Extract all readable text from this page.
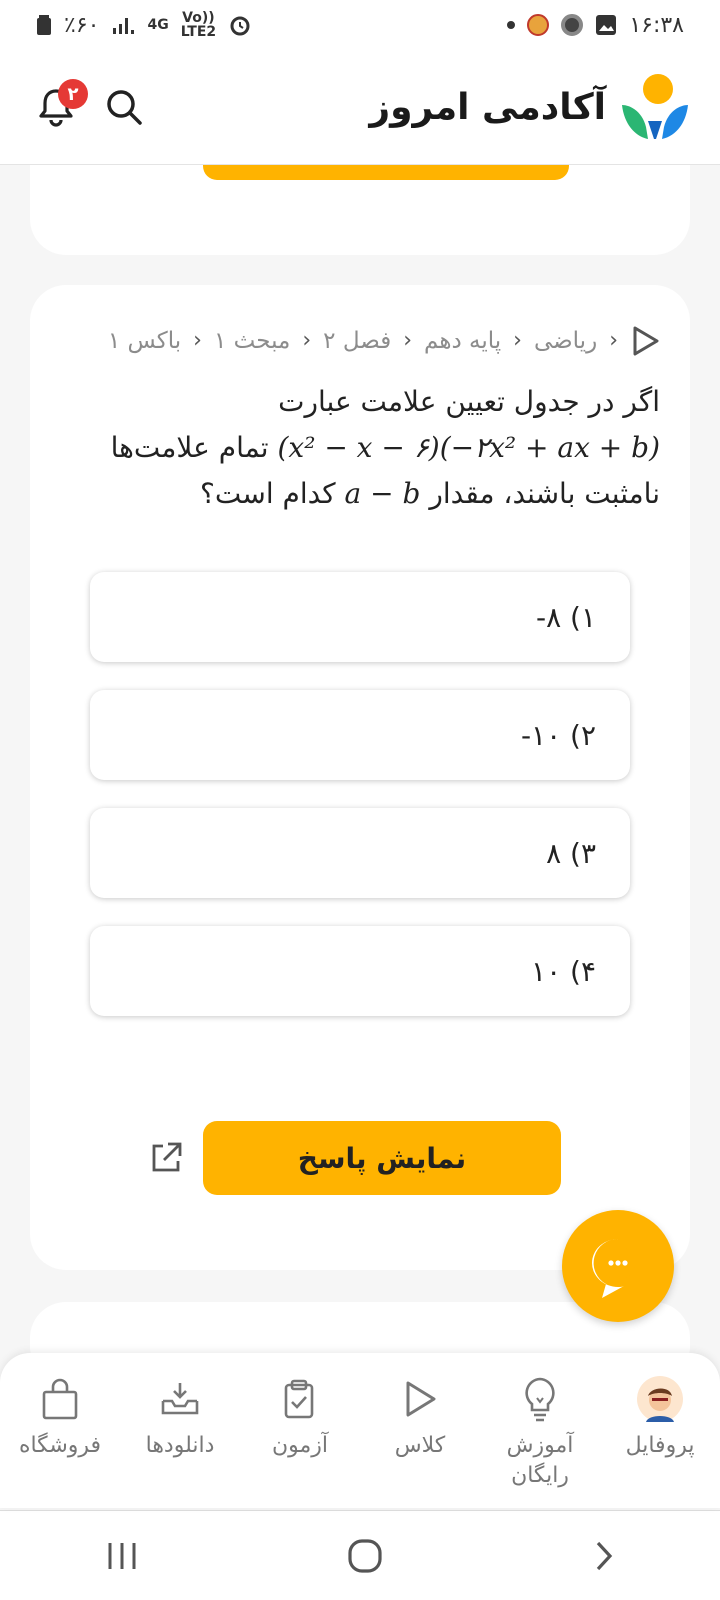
٪۶۰	4G Vo))
LTE2	۱۶:۳۸
۲	آکادمی امروز
‹
ریاضی
‹
پایه دهم
‹
فصل ۲
‹
مبحث ۱
‹
باکس ۱
اگر در جدول تعیین علامت عبارت
(x² − x − ۶)(−۲x² + ax + b) تمام علامت‌ها
نامثبت باشند، مقدار a − b کدام است؟
۱) ۸-
۲) ۱۰-
۳) ۸
۴) ۱۰
نمایش پاسخ
پروفایل
آموزش رایگان
کلاس
آزمون
دانلودها
فروشگاه
